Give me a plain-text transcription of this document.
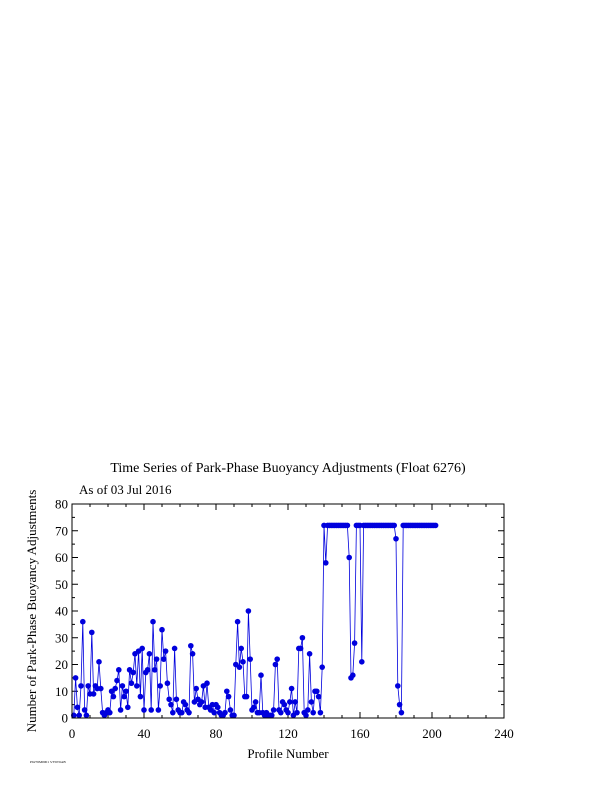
Time Series of Park-Phase Buoyancy Adjustments (Float 6276)
As of 03 Jul 2016
0	40	80	120	160	200	240
0
10
20
30
40
50
60
70
80
Profile Number
Number of Park-Phase Buoyancy Adjustments
P6276M0001 5/Y6T6AB
